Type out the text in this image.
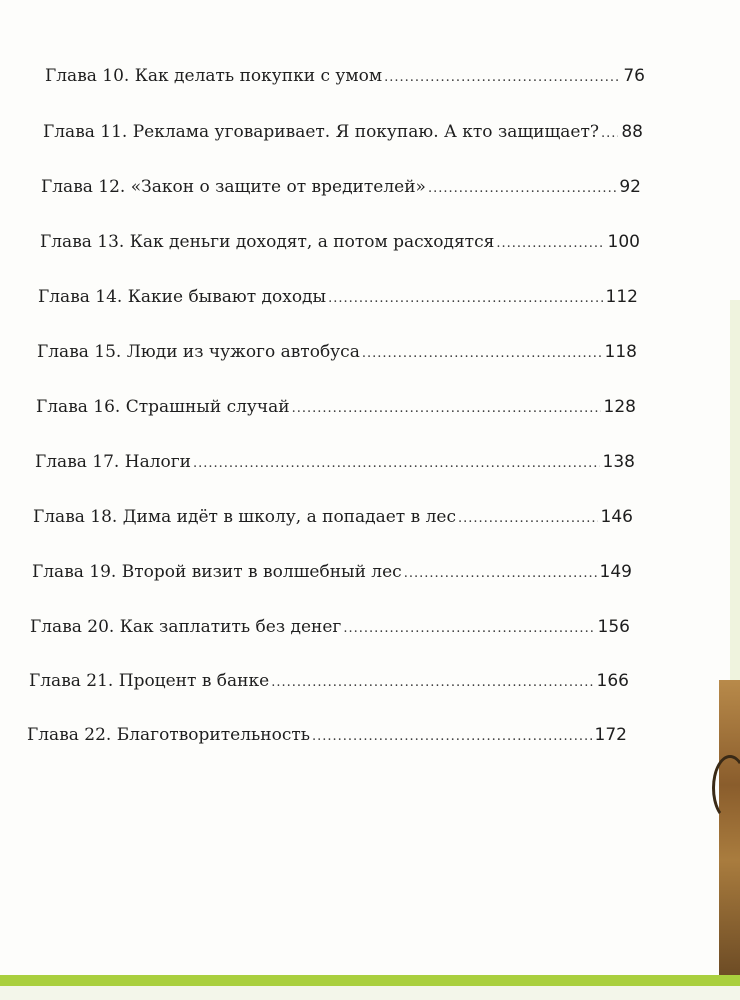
Глава 10. Как делать покупки с умом .....	76
Глава 11. Реклама уговаривает. Я покупаю. А кто защищает? ..... 88
Глава 12. «Закон о защите от вредителей» .....	92
Глава 13. Как деньги доходят, а потом расходятся .....	100
Глава 14. Какие бывают доходы .....	112
Глава 15. Люди из чужого автобуса .....	118
Глава 16. Страшный случай .....	128
Глава 17. Налоги .....	138
Глава 18. Дима идёт в школу, а попадает в лес .....	146
Глава 19. Второй визит в волшебный лес .....	149
Глава 20. Как заплатить без денег .....	156
Глава 21. Процент в банке .....	166
Глава 22. Благотворительность .....	172
